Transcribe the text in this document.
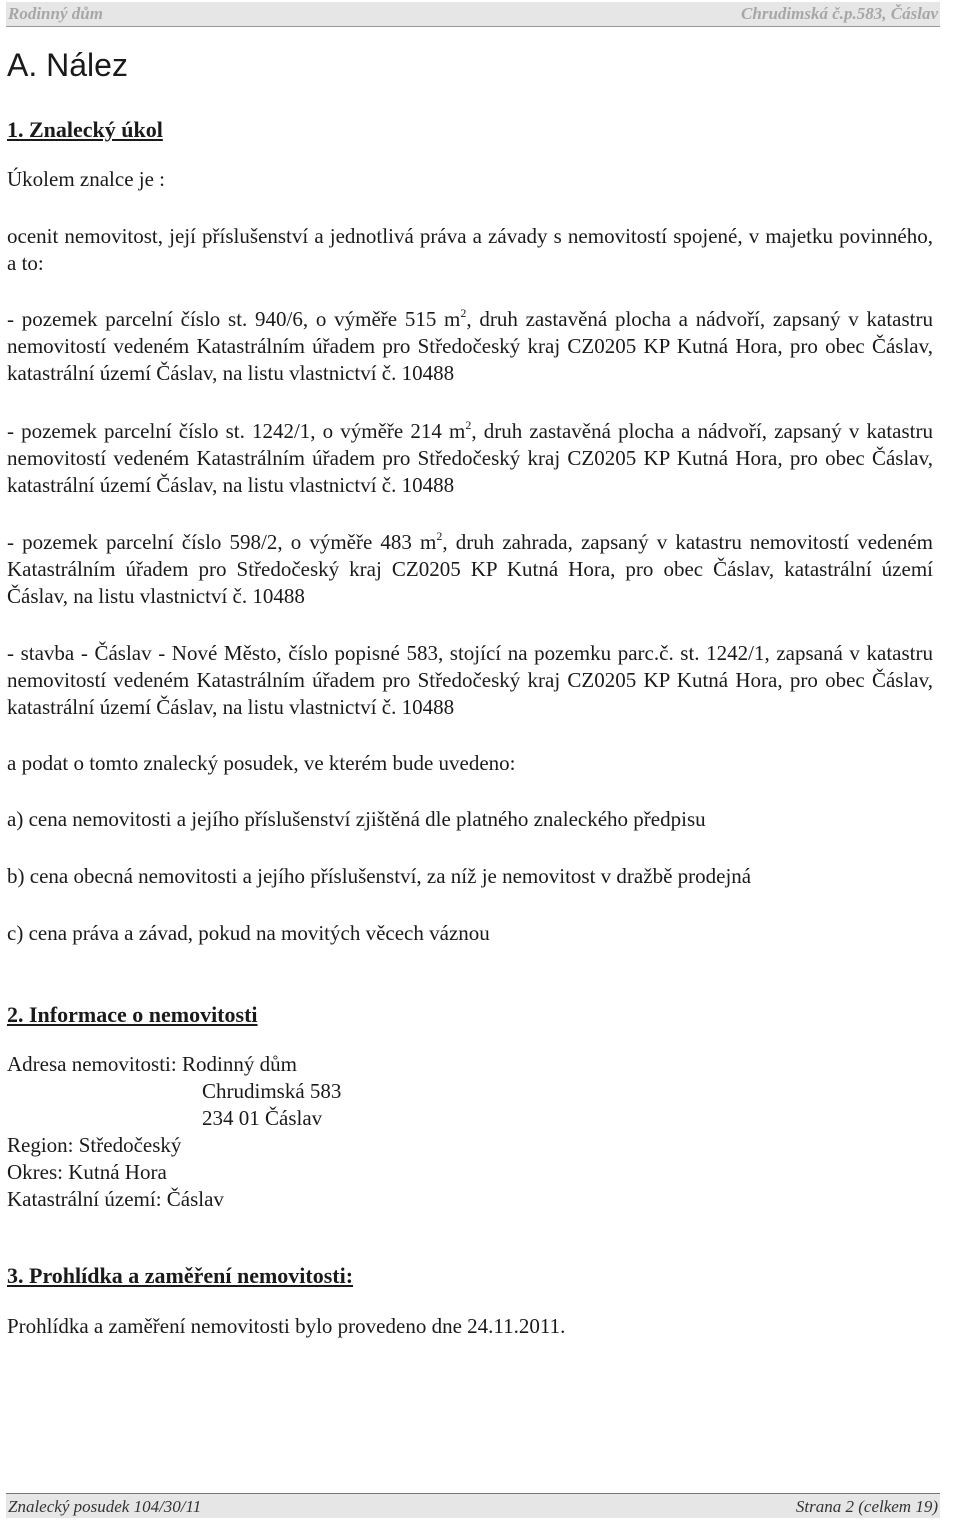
Rodinný dům	Chrudimská č.p.583, Čáslav
A. Nález
1. Znalecký úkol
Úkolem znalce je :
ocenit nemovitost, její příslušenství a jednotlivá práva a závady s nemovitostí spojené, v majetku povinného, a to:
- pozemek parcelní číslo st. 940/6, o výměře 515 $m^2$, druh zastavěná plocha a nádvoří, zapsaný v katastru nemovitostí vedeném Katastrálním úřadem pro Středočeský kraj CZ0205 KP Kutná Hora, pro obec Čáslav, katastrální území Čáslav, na listu vlastnictví č. 10488
- pozemek parcelní číslo st. 1242/1, o výměře 214 $m^2$, druh zastavěná plocha a nádvoří, zapsaný v katastru nemovitostí vedeném Katastrálním úřadem pro Středočeský kraj CZ0205 KP Kutná Hora, pro obec Čáslav, katastrální území Čáslav, na listu vlastnictví č. 10488
- pozemek parcelní číslo 598/2, o výměře 483 $m^2$, druh zahrada, zapsaný v katastru nemovitostí vedeném Katastrálním úřadem pro Středočeský kraj CZ0205 KP Kutná Hora, pro obec Čáslav, katastrální území Čáslav, na listu vlastnictví č. 10488
- stavba - Čáslav - Nové Město, číslo popisné 583, stojící na pozemku parc.č. st. 1242/1, zapsaná v katastru nemovitostí vedeném Katastrálním úřadem pro Středočeský kraj CZ0205 KP Kutná Hora, pro obec Čáslav, katastrální území Čáslav, na listu vlastnictví č. 10488
a podat o tomto znalecký posudek, ve kterém bude uvedeno:
a) cena nemovitosti a jejího příslušenství zjištěná dle platného znaleckého předpisu
b) cena obecná nemovitosti a jejího příslušenství, za níž je nemovitost v dražbě prodejná
c) cena práva a závad, pokud na movitých věcech váznou
2. Informace o nemovitosti
Adresa nemovitosti: Rodinný dům
Chrudimská 583
234 01 Čáslav
Region: Středočeský
Okres: Kutná Hora
Katastrální území: Čáslav
3. Prohlídka a zaměření nemovitosti:
Prohlídka a zaměření nemovitosti bylo provedeno dne 24.11.2011.
Znalecký posudek 104/30/11	Strana 2 (celkem 19)
